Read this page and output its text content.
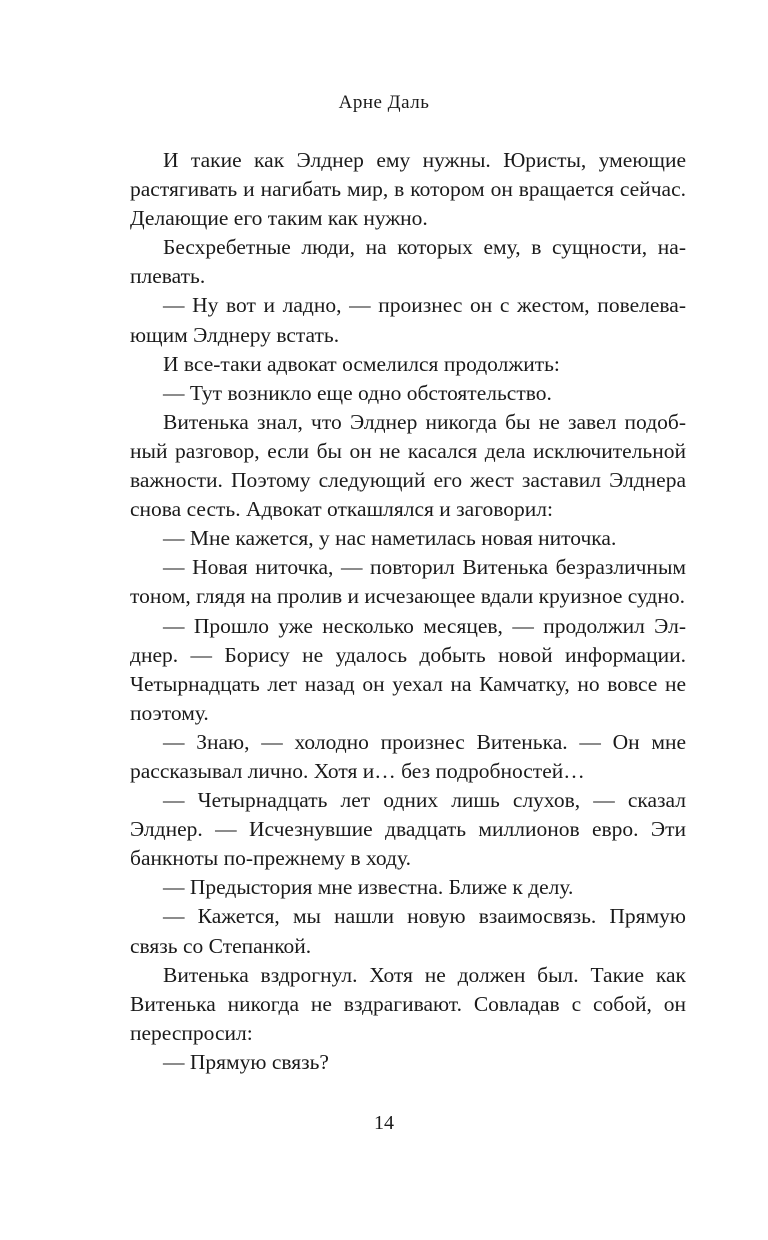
Арне Даль

И такие как Элднер ему нужны. Юристы, умеющие растягивать и нагибать мир, в котором он вращается сейчас. Делающие его таким как нужно.

Бесхребетные люди, на которых ему, в сущности, наплевать.

— Ну вот и ладно, — произнес он с жестом, повелевающим Элднеру встать.

И все-таки адвокат осмелился продолжить:

— Тут возникло еще одно обстоятельство.

Витенька знал, что Элднер никогда бы не завел подобный разговор, если бы он не касался дела исключительной важности. Поэтому следующий его жест заставил Элднера снова сесть. Адвокат откашлялся и заговорил:

— Мне кажется, у нас наметилась новая ниточка.

— Новая ниточка, — повторил Витенька безразличным тоном, глядя на пролив и исчезающее вдали круизное судно.

— Прошло уже несколько месяцев, — продолжил Элднер. — Борису не удалось добыть новой информации. Четырнадцать лет назад он уехал на Камчатку, но вовсе не поэтому.

— Знаю, — холодно произнес Витенька. — Он мне рассказывал лично. Хотя и… без подробностей…

— Четырнадцать лет одних лишь слухов, — сказал Элднер. — Исчезнувшие двадцать миллионов евро. Эти банкноты по-прежнему в ходу.

— Предыстория мне известна. Ближе к делу.

— Кажется, мы нашли новую взаимосвязь. Прямую связь со Степанкой.

Витенька вздрогнул. Хотя не должен был. Такие как Витенька никогда не вздрагивают. Совладав с собой, он переспросил:

— Прямую связь?

14
